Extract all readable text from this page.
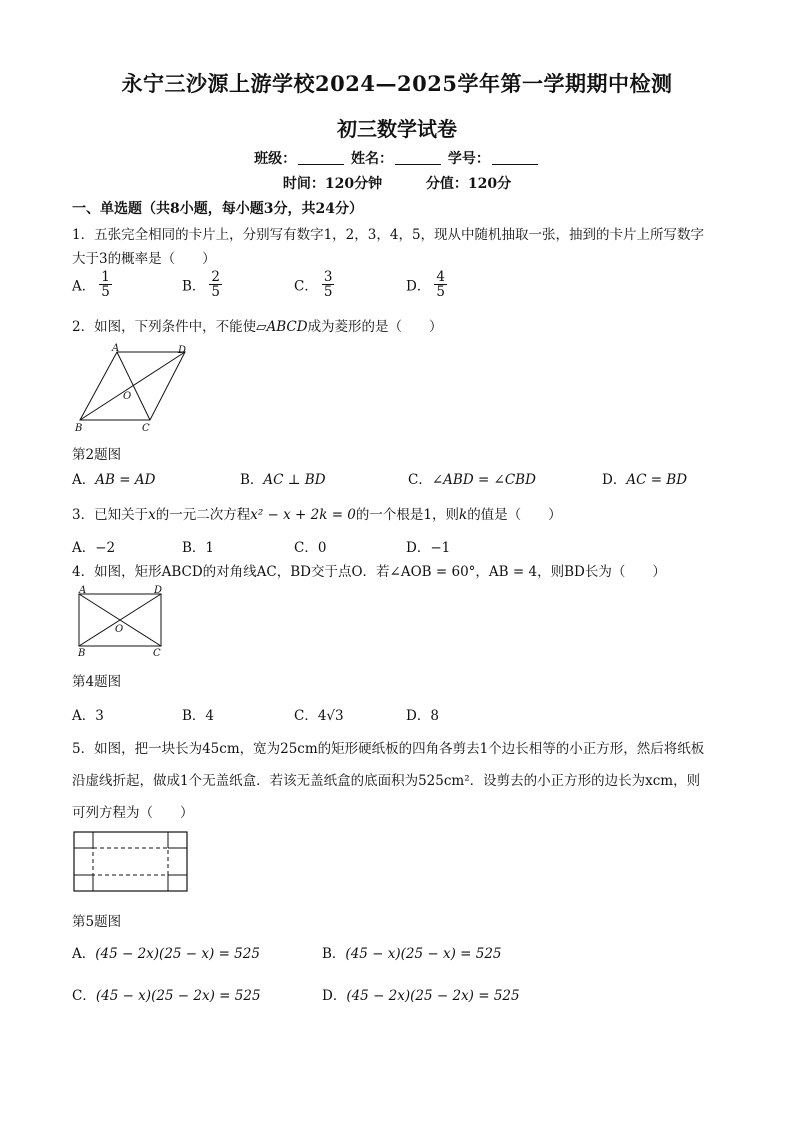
永宁三沙源上游学校2024—2025学年第一学期期中检测
初三数学试卷
班级：	姓名：	学号：
时间：120分钟	分值：120分
一、单选题（共8小题，每小题3分，共24分）
1．五张完全相同的卡片上，分别写有数字1，2，3，4，5，现从中随机抽取一张，抽到的卡片上所写数字
大于3的概率是（　　）
A． $\frac{1}{5}$	B． $\frac{2}{5}$	C． $\frac{3}{5}$	D． $\frac{4}{5}$
2．如图，下列条件中，不能使▱ABCD成为菱形的是（　　）
A	D
B	C
O
第2题图
A．AB = AD	B．AC ⊥ BD	C．∠ABD = ∠CBD	D．AC = BD
3．已知关于x的一元二次方程x² − x + 2k = 0的一个根是1，则k的值是（　　）
A．−2	B．1	C．0	D．−1
4．如图，矩形ABCD的对角线AC，BD交于点O．若∠AOB = 60°，AB = 4，则BD长为（　　）
A	D
B	C
O
第4题图
A．3	B．4	C．4√3	D．8
5．如图，把一块长为45cm，宽为25cm的矩形硬纸板的四角各剪去1个边长相等的小正方形，然后将纸板
沿虚线折起，做成1个无盖纸盒．若该无盖纸盒的底面积为525cm²．设剪去的小正方形的边长为xcm，则
可列方程为（　　）
第5题图
A．(45 − 2x)(25 − x) = 525	B．(45 − x)(25 − x) = 525
C．(45 − x)(25 − 2x) = 525	D．(45 − 2x)(25 − 2x) = 525
